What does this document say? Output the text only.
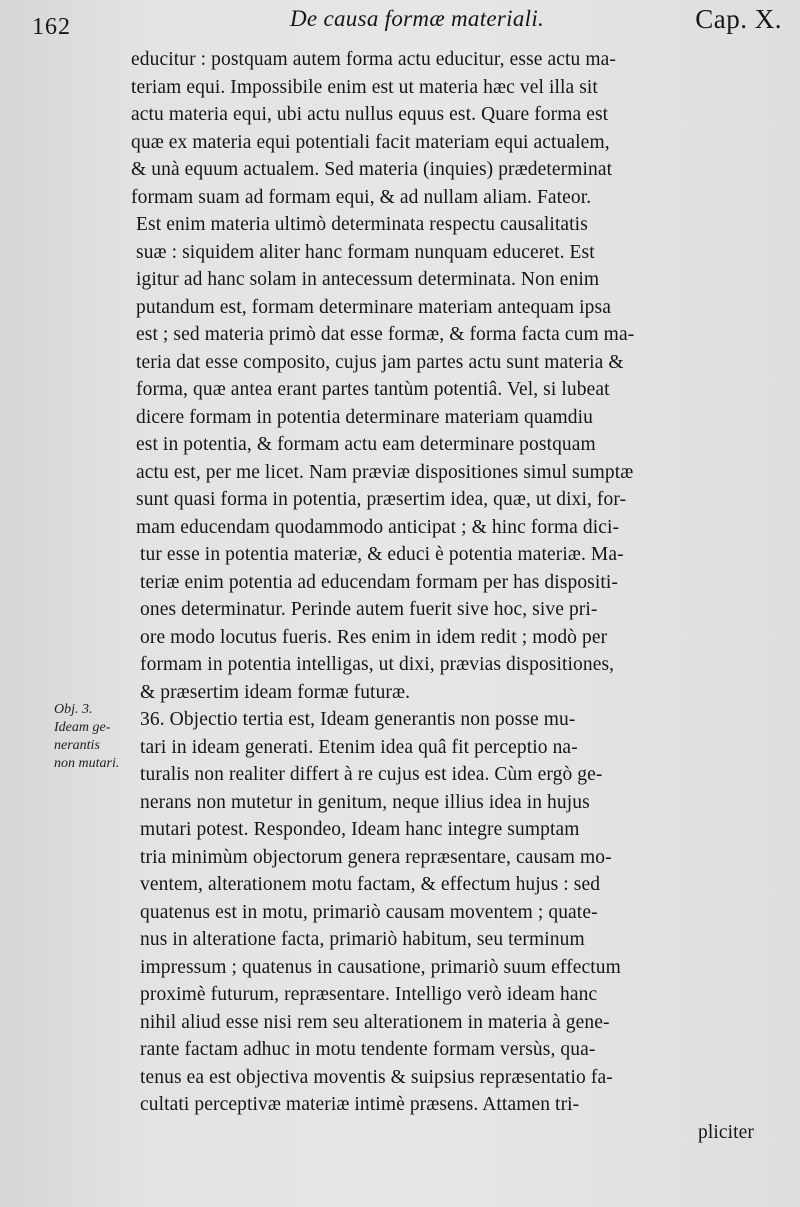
162	De causa formæ materiali.	Cap. X.
Obj. 3.
Ideam ge-
nerantis
non mutari.
educitur : postquam autem forma actu educitur, esse actu ma-
teriam equi. Impossibile enim est ut materia hæc vel illa sit
actu materia equi, ubi actu nullus equus est. Quare forma est
quæ ex materia equi potentiali facit materiam equi actualem,
& unà equum actualem. Sed materia (inquies) prædeterminat
formam suam ad formam equi, & ad nullam aliam. Fateor.
Est enim materia ultimò determinata respectu causalitatis
suæ : siquidem aliter hanc formam nunquam educeret. Est
igitur ad hanc solam in antecessum determinata. Non enim
putandum est, formam determinare materiam antequam ipsa
est ; sed materia primò dat esse formæ, & forma facta cum ma-
teria dat esse composito, cujus jam partes actu sunt materia &
forma, quæ antea erant partes tantùm potentiâ. Vel, si lubeat
dicere formam in potentia determinare materiam quamdiu
est in potentia, & formam actu eam determinare postquam
actu est, per me licet. Nam præviæ dispositiones simul sumptæ
sunt quasi forma in potentia, præsertim idea, quæ, ut dixi, for-
mam educendam quodammodo anticipat ; & hinc forma dici-
tur esse in potentia materiæ, & educi è potentia materiæ. Ma-
teriæ enim potentia ad educendam formam per has dispositi-
ones determinatur. Perinde autem fuerit sive hoc, sive pri-
ore modo locutus fueris. Res enim in idem redit ; modò per
formam in potentia intelligas, ut dixi, prævias dispositiones,
& præsertim ideam formæ futuræ.
36. Objectio tertia est, Ideam generantis non posse mu-
tari in ideam generati. Etenim idea quâ fit perceptio na-
turalis non realiter differt à re cujus est idea. Cùm ergò ge-
nerans non mutetur in genitum, neque illius idea in hujus
mutari potest. Respondeo, Ideam hanc integre sumptam
tria minimùm objectorum genera repræsentare, causam mo-
ventem, alterationem motu factam, & effectum hujus : sed
quatenus est in motu, primariò causam moventem ; quate-
nus in alteratione facta, primariò habitum, seu terminum
impressum ; quatenus in causatione, primariò suum effectum
proximè futurum, repræsentare. Intelligo verò ideam hanc
nihil aliud esse nisi rem seu alterationem in materia à gene-
rante factam adhuc in motu tendente formam versùs, qua-
tenus ea est objectiva moventis & suipsius repræsentatio fa-
cultati perceptivæ materiæ intimè præsens. Attamen tri-
pliciter
